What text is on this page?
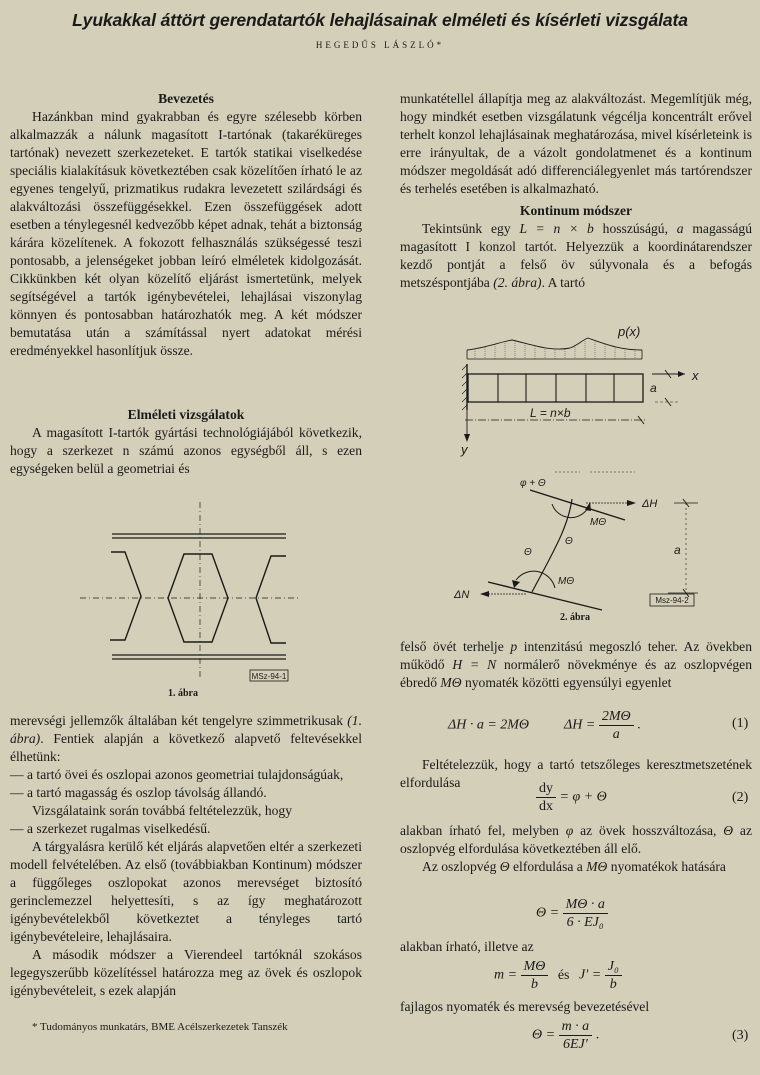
Lyukakkal áttört gerendatartók lehajlásainak elméleti és kísérleti vizsgálata
HEGEDŰS LÁSZLÓ*
Bevezetés

Hazánkban mind gyakrabban és egyre szélesebb körben alkalmazzák a nálunk magasított I-tartónak (takaréküreges tartónak) nevezett szerkezeteket. E tartók statikai viselkedése speciális kialakításuk következtében csak közelítően írható le az egyenes tengelyű, prizmatikus rudakra levezetett szilárdsági és alakváltozási összefüggésekkel. Ezen összefüggések adott esetben a ténylegesnél kedvezőbb képet adnak, tehát a biztonság kárára közelítenek. A fokozott felhasználás szükségessé teszi pontosabb, a jelenségeket jobban leíró elméletek kidolgozását. Cikkünkben két olyan közelítő eljárást ismertetünk, melyek segítségével a tartók igénybevételei, lehajlásai viszonylag könnyen és pontosabban határozhatók meg. A két módszer bemutatása után a számítással nyert adatokat mérési eredményekkel hasonlítjuk össze.

Elméleti vizsgálatok

A magasított I-tartók gyártási technológiájából következik, hogy a szerkezet n számú azonos egységből áll, s ezen egységeken belül a geometriai és

MSz-94-1
1. ábra

merevségi jellemzők általában két tengelyre szimmetrikusak (1. ábra). Fentiek alapján a következő alapvető feltevésekkel élhetünk:

— a tartó övei és oszlopai azonos geometriai tulajdonságúak,

— a tartó magasság és oszlop távolság állandó.

Vizsgálataink során továbbá feltételezzük, hogy

— a szerkezet rugalmas viselkedésű.

A tárgyalásra kerülő két eljárás alapvetően eltér a szerkezeti modell felvételében. Az első (továbbiakban Kontinum) módszer a függőleges oszlopokat azonos merevséget biztosító gerinclemezzel helyettesíti, s az így meghatározott igénybevételekből következtet a tényleges tartó igénybevételeire, lehajlásaira.

A második módszer a Vierendeel tartóknál szokásos legegyszerűbb közelítéssel határozza meg az övek és oszlopok igénybevételeit, s ezek alapján

* Tudományos munkatárs, BME Acélszerkezetek Tanszék

munkatétellel állapítja meg az alakváltozást. Megemlítjük még, hogy mindkét esetben vizsgálatunk végcélja koncentrált erővel terhelt konzol lehajlásainak meghatározása, mivel kísérleteink is erre irányultak, de a vázolt gondolatmenet és a kontinum módszer megoldását adó differenciálegyenlet más tartórendszer és terhelés esetében is alkalmazható.

Kontinum módszer

Tekintsünk egy L = n × b hosszúságú, a magasságú magasított I konzol tartót. Helyezzük a koordinátarendszer kezdő pontját a felső öv súlyvonala és a befogás metszéspontjába (2. ábra). A tartó

p(x)
x
y
a
L = n×b
φ + Θ
ΔH
a
MΘ
Θ
Θ
MΘ
ΔN	Msz-94-2
2. ábra

felső övét terhelje p intenzitású megoszló teher. Az övekben működő H = N normálerő növekménye és az oszlopvégen ébredő MΘ nyomaték közötti egyensúlyi egyenlet

ΔH · a = 2MΘ	$\Delta H = \frac{2M\Theta}{a}$ .	(1)

Feltételezzük, hogy a tartó tetszőleges keresztmetszetének elfordulása	$\frac{dy}{dx} = \varphi + \Theta$	(2)

alakban írható fel, melyben φ az övek hosszváltozása, Θ az oszlopvég elfordulása következtében áll elő.

Az oszlopvég Θ elfordulása a MΘ nyomatékok hatására

$\Theta = \frac{M\Theta \cdot a}{\text{6 · EJ₀}}$

alakban írható, illetve az

$m = \frac{M\Theta}{b}$ és $J' = \frac{\text{J₀}}{b}$

fajlagos nyomaték és merevség bevezetésével

$\Theta = \frac{m \cdot a}{6EJ'}$ .	(3)
